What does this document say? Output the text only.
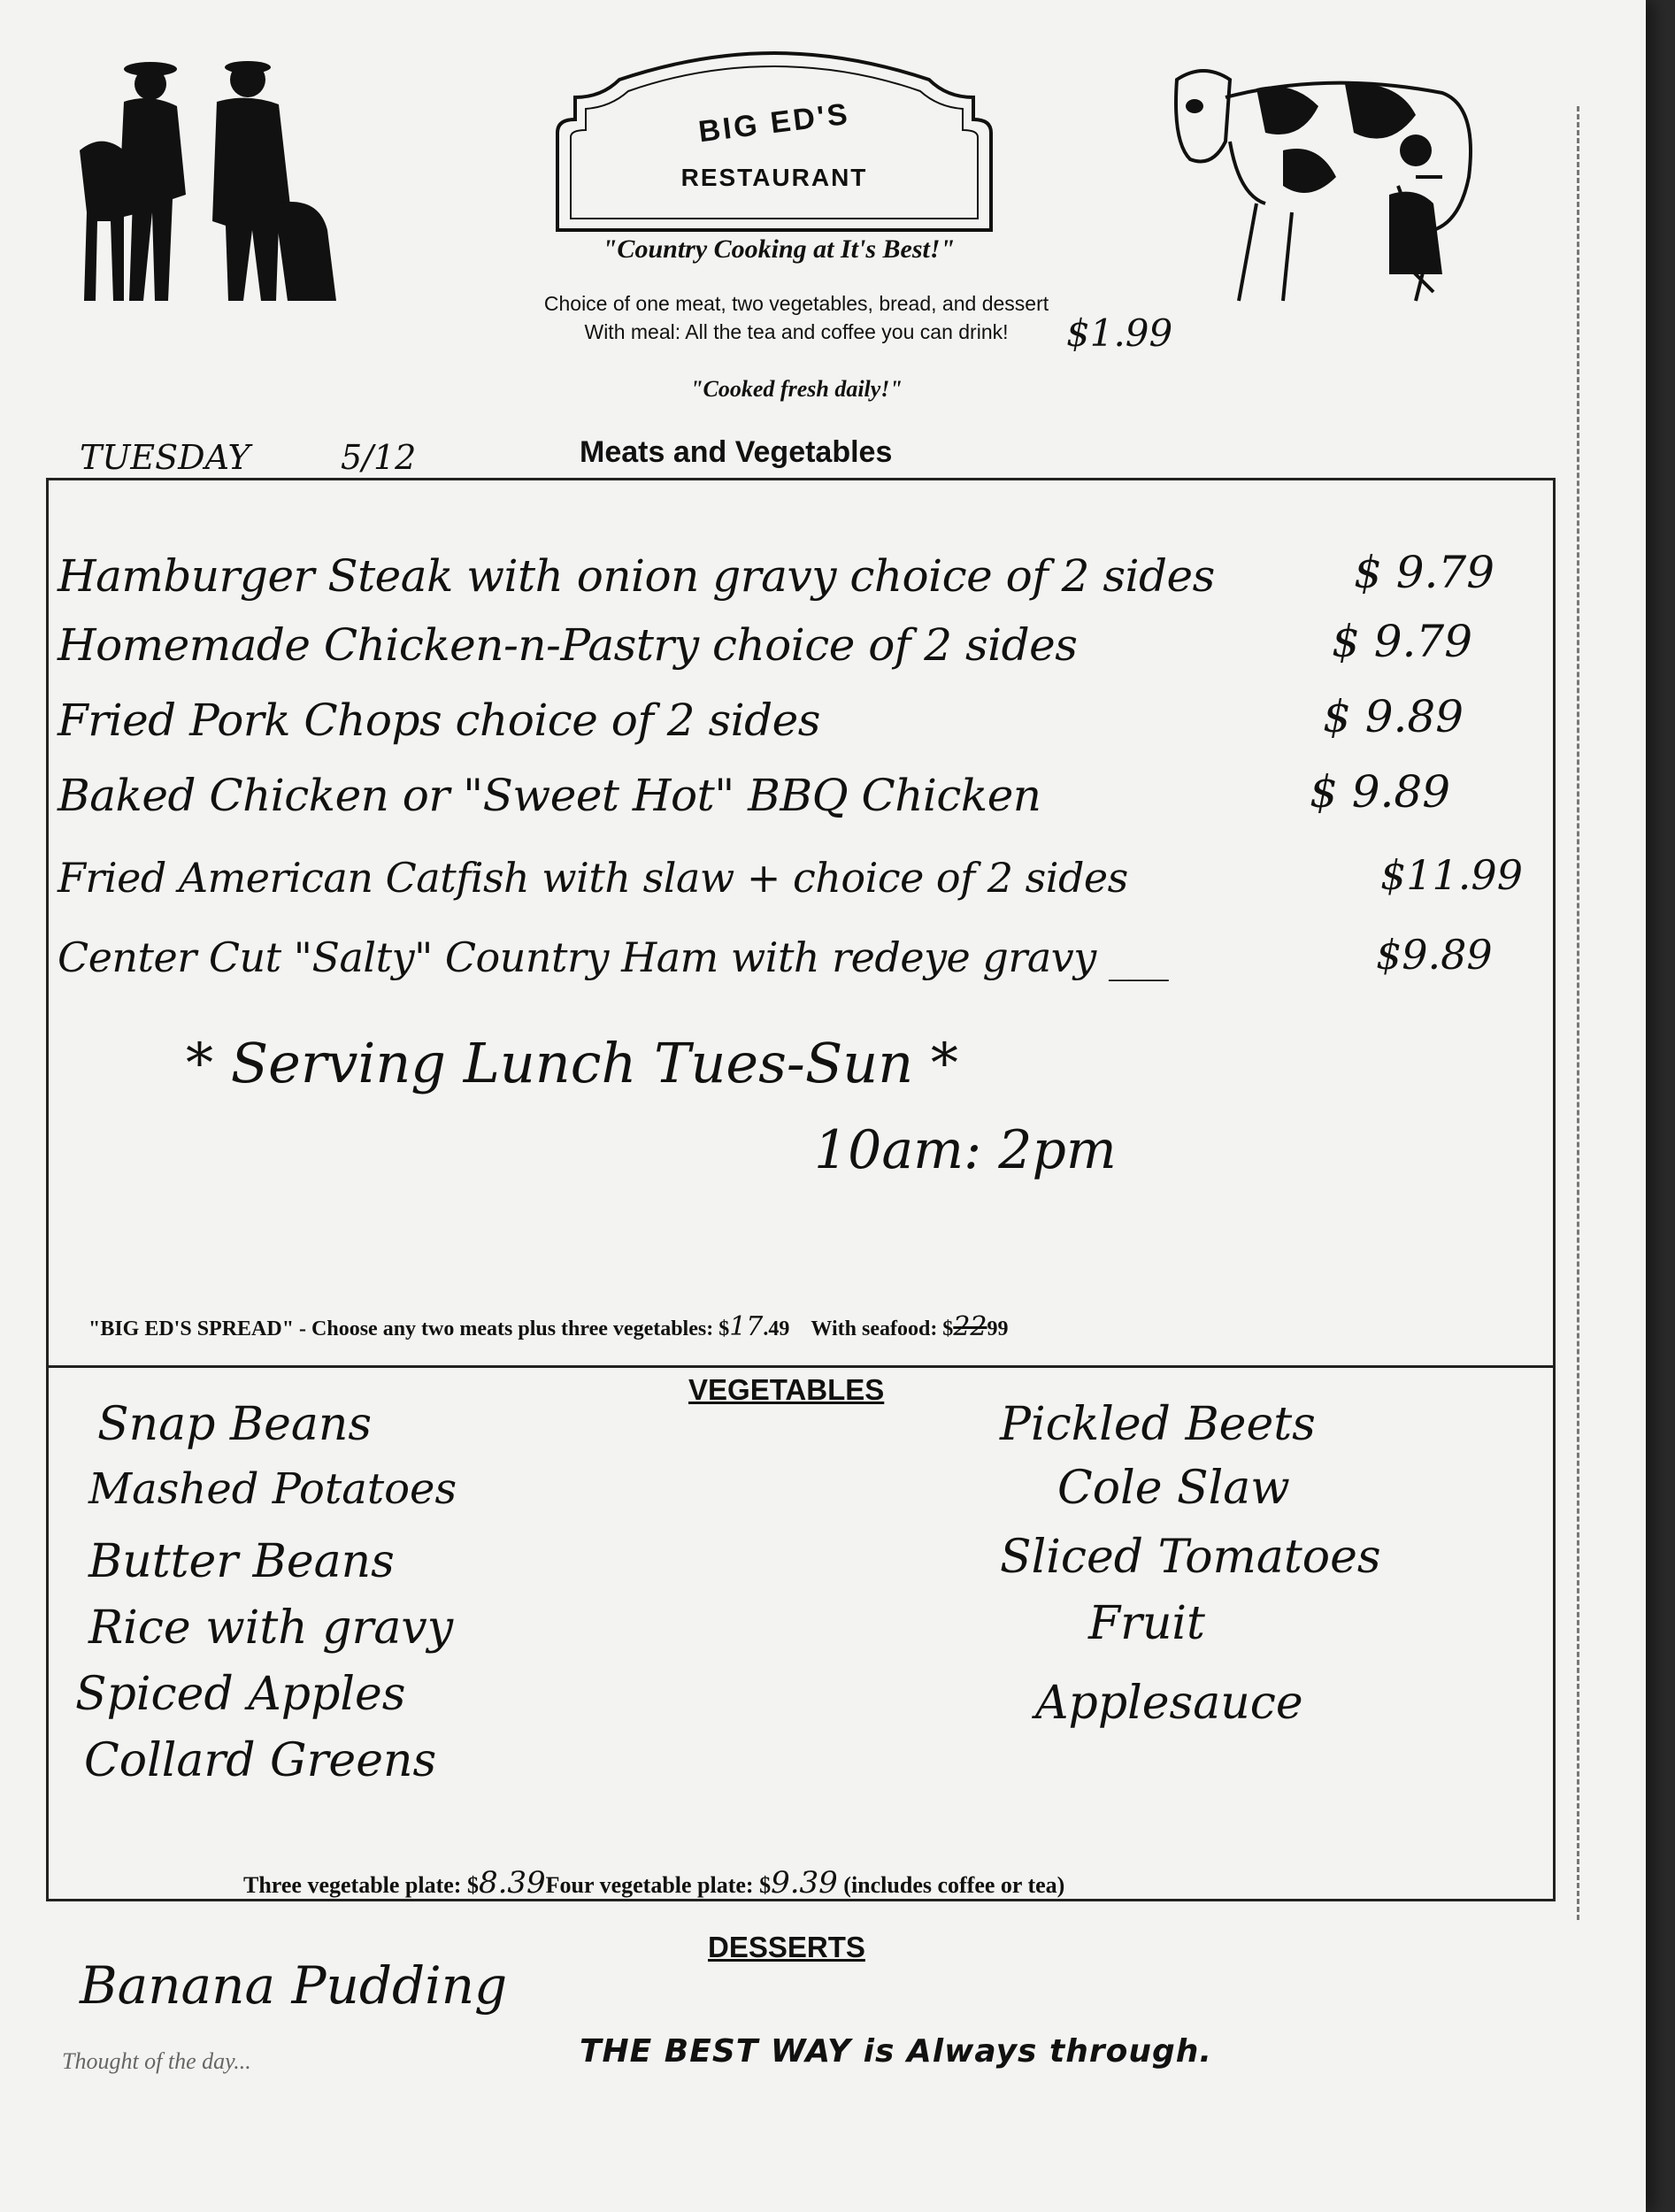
BIG ED'S
RESTAURANT
"Country Cooking at It's Best!"
Choice of one meat, two vegetables, bread, and dessert
With meal: All the tea and coffee you can drink!	$1.99
"Cooked fresh daily!"
TUESDAY	5/12	Meats and Vegetables
Hamburger Steak with onion gravy choice of 2 sides	$ 9.79
Homemade Chicken-n-Pastry choice of 2 sides	$ 9.79
Fried Pork Chops choice of 2 sides	$ 9.89
Baked Chicken or "Sweet Hot" BBQ Chicken	$ 9.89
Fried American Catfish with slaw + choice of 2 sides	$11.99
Center Cut "Salty" Country Ham with redeye gravy ___	$9.89
* Serving Lunch Tues-Sun *
10am: 2pm
"BIG ED'S SPREAD" - Choose any two meats plus three vegetables: $17.49 With seafood: $2299
VEGETABLES
Snap Beans
Mashed Potatoes
Butter Beans
Rice with gravy
Spiced Apples
Collard Greens
Pickled Beets
Cole Slaw
Sliced Tomatoes
Fruit
Applesauce
Three vegetable plate: $8.39Four vegetable plate: $9.39 (includes coffee or tea)
DESSERTS
Banana Pudding
Thought of the day...	THE BEST WAY is Always through.
